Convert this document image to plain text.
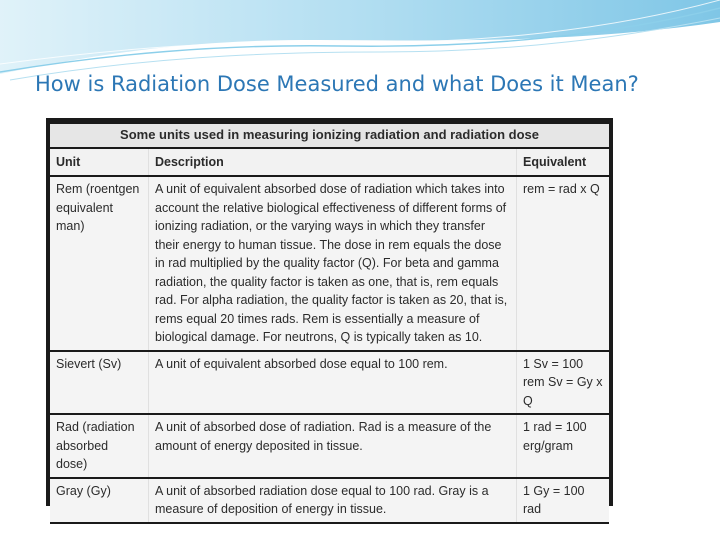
How is Radiation Dose Measured and what Does it Mean?
Some units used in measuring ionizing radiation and radiation dose		
Unit	Description	Equivalent
Rem (roentgen equivalent man)	A unit of equivalent absorbed dose of radiation which takes into account the relative biological effectiveness of different forms of ionizing radiation, or the varying ways in which they transfer their energy to human tissue. The dose in rem equals the dose in rad multiplied by the quality factor (Q). For beta and gamma radiation, the quality factor is taken as one, that is, rem equals rad. For alpha radiation, the quality factor is taken as 20, that is, rems equal 20 times rads. Rem is essentially a measure of biological damage. For neutrons, Q is typically taken as 10.	rem = rad x Q
Sievert (Sv)	A unit of equivalent absorbed dose equal to 100 rem.	1 Sv = 100 rem Sv = Gy x Q
Rad (radiation absorbed dose)	A unit of absorbed dose of radiation. Rad is a measure of the amount of energy deposited in tissue.	1 rad = 100 erg/gram
Gray (Gy)	A unit of absorbed radiation dose equal to 100 rad. Gray is a measure of deposition of energy in tissue.	1 Gy = 100 rad
